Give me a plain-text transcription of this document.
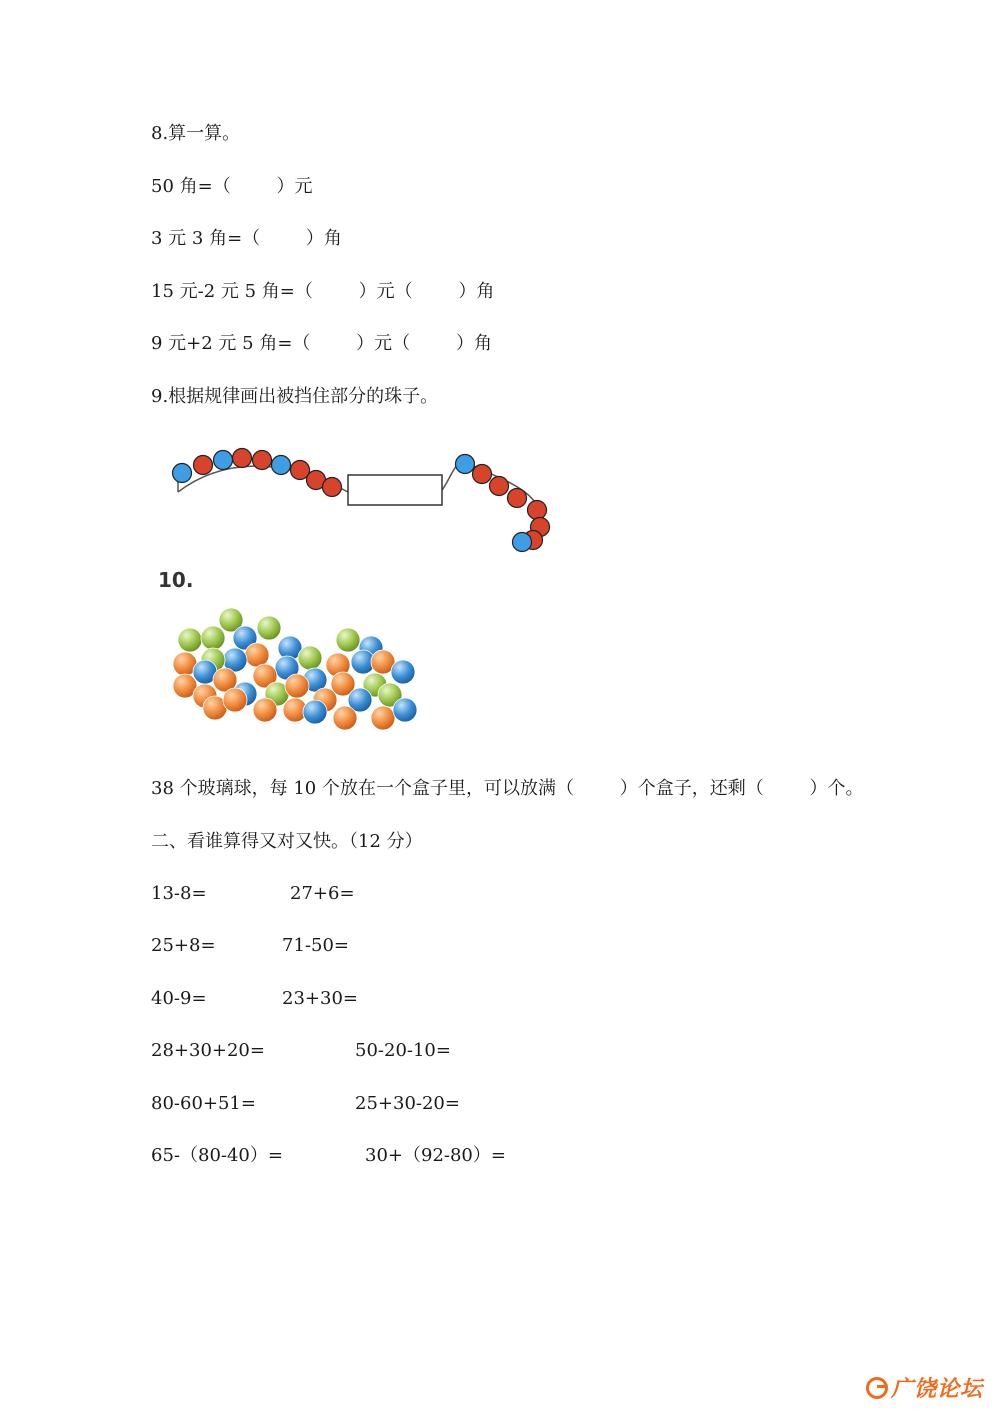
8.算一算。
50 角=（        ）元
3 元 3 角=（        ）角
15 元-2 元 5 角=（        ）元（        ）角
9 元+2 元 5 角=（        ）元（        ）角
9.根据规律画出被挡住部分的珠子。
10.
38 个玻璃球，每 10 个放在一个盒子里，可以放满（        ）个盒子，还剩（        ）个。
二、看谁算得又对又快。（12 分）
13-8=	27+6=
25+8=	71-50=
40-9=	23+30=
28+30+20=	50-20-10=
80-60+51=	25+30-20=
65-（80-40）=	30+（92-80）=
广饶论坛
